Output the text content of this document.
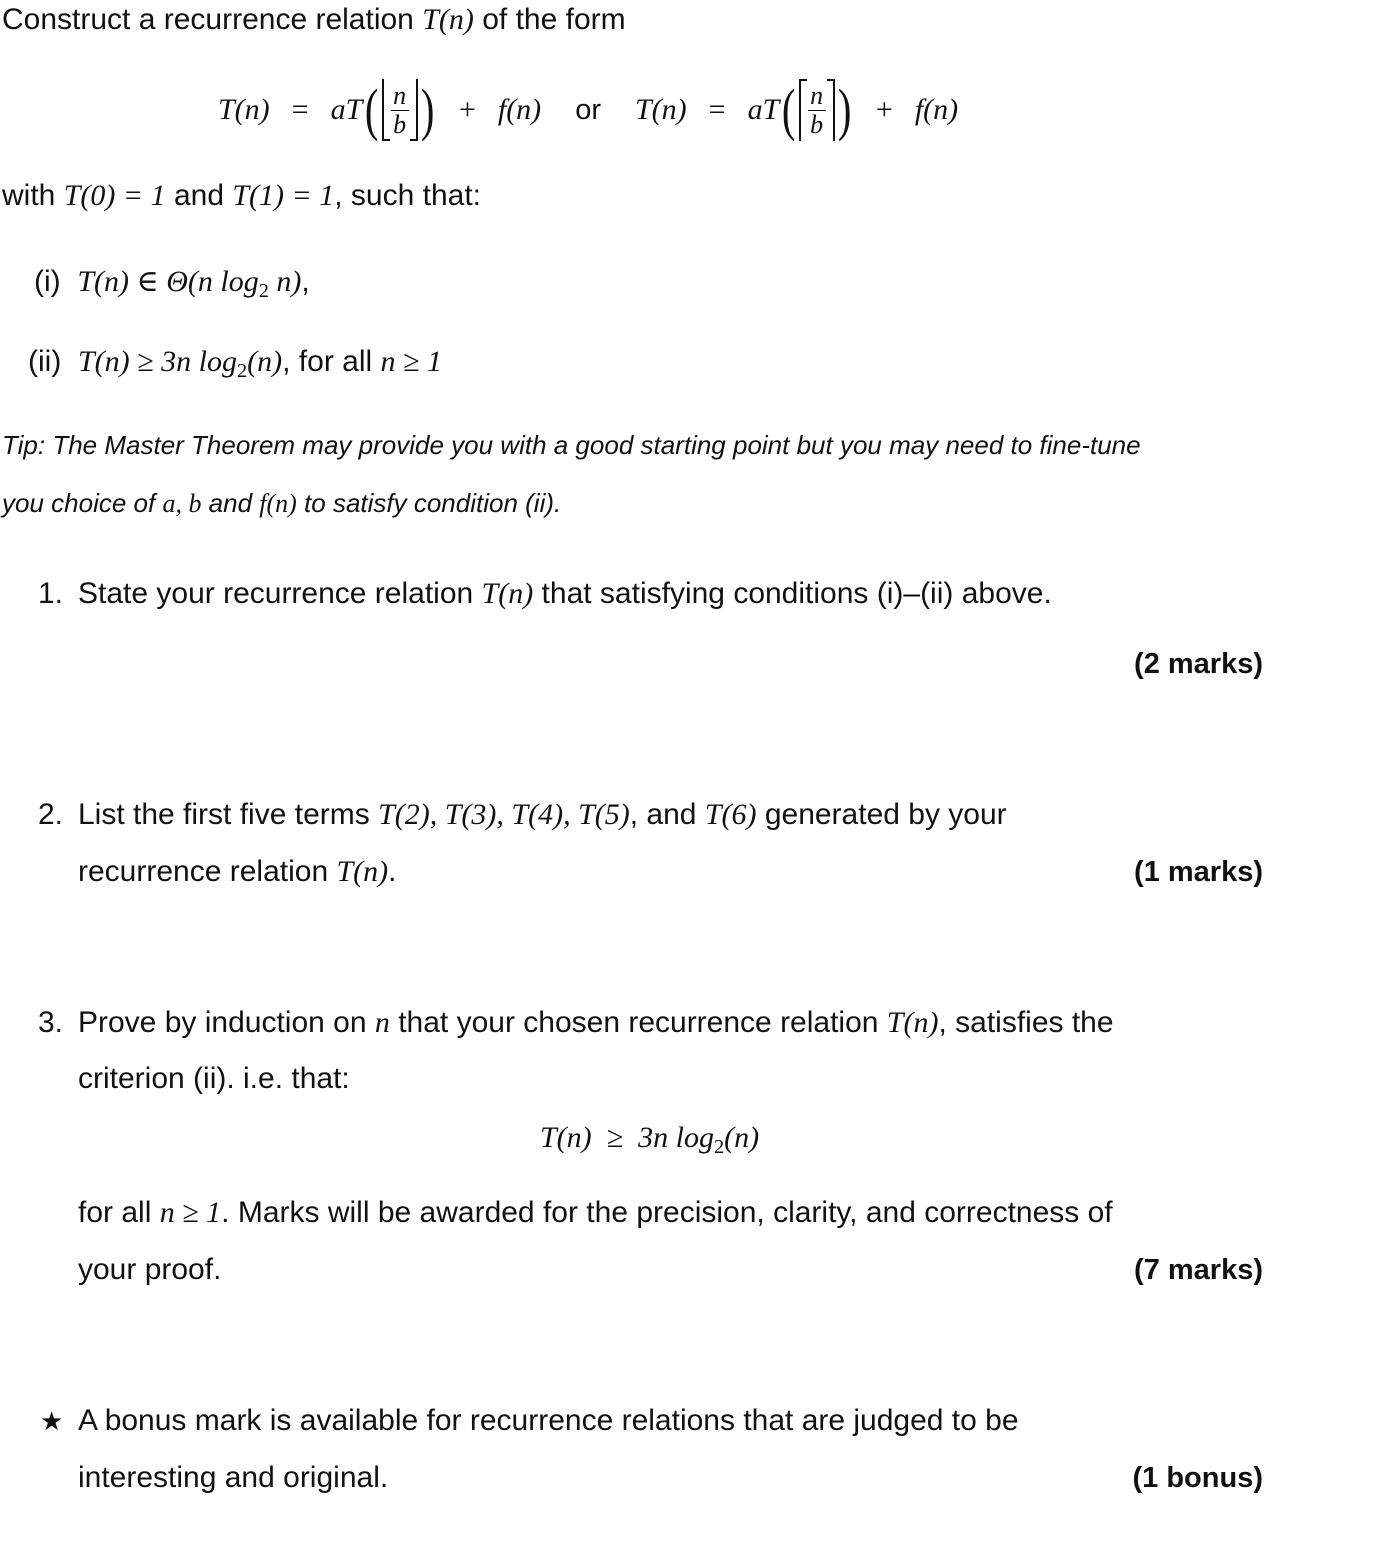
Construct a recurrence relation T(n) of the form
T(n) = aT ( $\frac{n}{b}$ ) + f(n) or T(n) = aT ( $\frac{n}{b}$ ) + f(n)
with T(0) = 1 and T(1) = 1, such that:
(i) T(n) ∈ Θ(n $\log_2 n$),
(ii) T(n) ≥ 3n $\log_2(n)$, for all n ≥ 1
Tip: The Master Theorem may provide you with a good starting point but you may need to fine-tune
you choice of a, b and f(n) to satisfy condition (ii).
1. State your recurrence relation T(n) that satisfying conditions (i)–(ii) above.
(2 marks)
2. List the first five terms T(2), T(3), T(4), T(5), and T(6) generated by your
recurrence relation T(n).	(1 marks)
3. Prove by induction on n that your chosen recurrence relation T(n), satisfies the
criterion (ii). i.e. that:
T(n)  ≥  3n $\log_2(n)$
for all n ≥ 1. Marks will be awarded for the precision, clarity, and correctness of
your proof.	(7 marks)
★ A bonus mark is available for recurrence relations that are judged to be
interesting and original.	(1 bonus)
